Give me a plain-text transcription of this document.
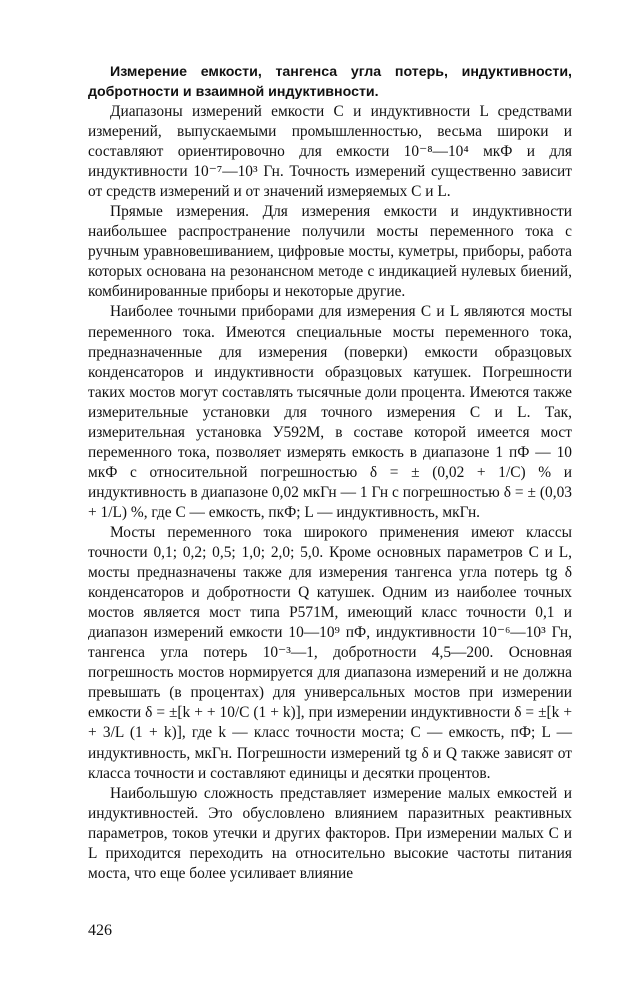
Измерение емкости, тангенса угла потерь, индуктивности, добротности и взаимной индуктивности.

Диапазоны измерений емкости C и индуктивности L средствами измерений, выпускаемыми промышленностью, весьма широки и составляют ориентировочно для емкости 10⁻⁸—10⁴ мкФ и для индуктивности 10⁻⁷—10³ Гн. Точность измерений существенно зависит от средств измерений и от значений измеряемых C и L.

Прямые измерения. Для измерения емкости и индуктивности наибольшее распространение получили мосты переменного тока с ручным уравновешиванием, цифровые мосты, куметры, приборы, работа которых основана на резонансном методе с индикацией нулевых биений, комбинированные приборы и некоторые другие.

Наиболее точными приборами для измерения C и L являются мосты переменного тока. Имеются специальные мосты переменного тока, предназначенные для измерения (поверки) емкости образцовых конденсаторов и индуктивности образцовых катушек. Погрешности таких мостов могут составлять тысячные доли процента. Имеются также измерительные установки для точного измерения C и L. Так, измерительная установка У592М, в составе которой имеется мост переменного тока, позволяет измерять емкость в диапазоне 1 пФ — 10 мкФ с относительной погрешностью δ = ± (0,02 + 1/C) % и индуктивность в диапазоне 0,02 мкГн — 1 Гн с погрешностью δ = ± (0,03 + 1/L) %, где C — емкость, пкФ; L — индуктивность, мкГн.

Мосты переменного тока широкого применения имеют классы точности 0,1; 0,2; 0,5; 1,0; 2,0; 5,0. Кроме основных параметров C и L, мосты предназначены также для измерения тангенса угла потерь tg δ конденсаторов и добротности Q катушек. Одним из наиболее точных мостов является мост типа Р571М, имеющий класс точности 0,1 и диапазон измерений емкости 10—10⁹ пФ, индуктивности 10⁻⁶—10³ Гн, тангенса угла потерь 10⁻³—1, добротности 4,5—200. Основная погрешность мостов нормируется для диапазона измерений и не должна превышать (в процентах) для универсальных мостов при измерении емкости δ = ±[k + + 10/C (1 + k)], при измерении индуктивности δ = ±[k + + 3/L (1 + k)], где k — класс точности моста; C — емкость, пФ; L — индуктивность, мкГн. Погрешности измерений tg δ и Q также зависят от класса точности и составляют единицы и десятки процентов.

Наибольшую сложность представляет измерение малых емкостей и индуктивностей. Это обусловлено влиянием паразитных реактивных параметров, токов утечки и других факторов. При измерении малых C и L приходится переходить на относительно высокие частоты питания моста, что еще более усиливает влияние

426
